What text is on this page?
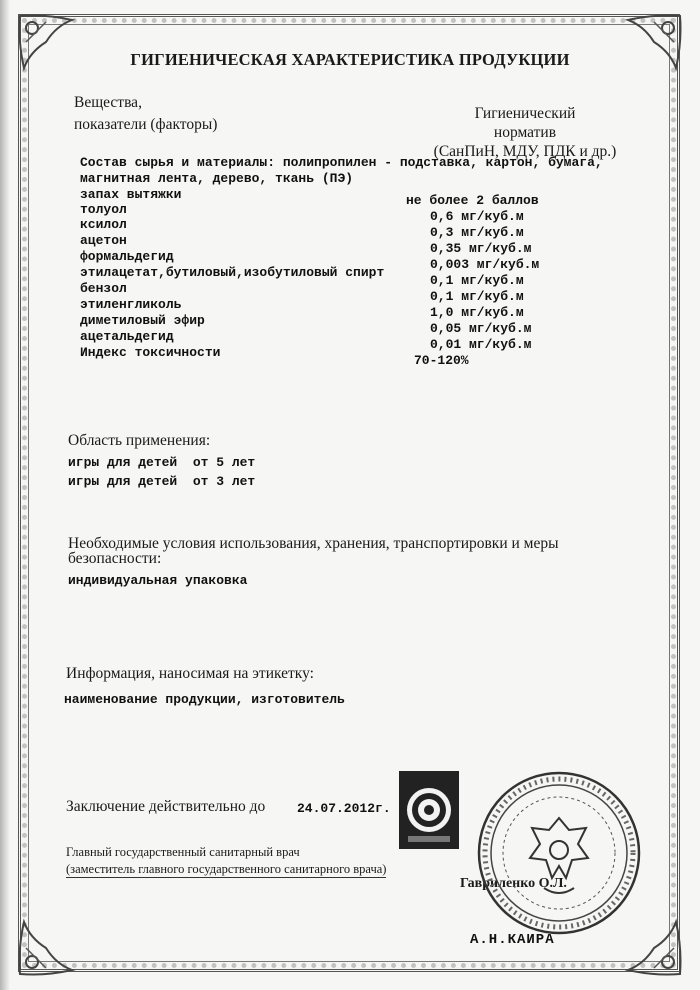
ГИГИЕНИЧЕСКАЯ ХАРАКТЕРИСТИКА ПРОДУКЦИИ
Вещества,
показатели (факторы)
Гигиенический
норматив
(СанПиН, МДУ, ПДК и др.)
Состав сырья и материалы: полипропилен - подставка, картон, бумага,
магнитная лента, дерево, ткань (ПЭ)
запах вытяжки	не более 2 баллов
толуол	0,6 мг/куб.м
ксилол
0,3 мг/куб.м
ацетон
0,35 мг/куб.м
формальдегид
0,003 мг/куб.м
этилацетат,бутиловый,изобутиловый спирт
0,1 мг/куб.м
бензол
0,1 мг/куб.м
этиленгликоль
1,0 мг/куб.м
диметиловый эфир
0,05 мг/куб.м
ацетальдегид
0,01 мг/куб.м
Индекс токсичности
70-120%
Область применения:
игры для детей  от 5 лет
игры для детей  от 3 лет
Необходимые условия использования, хранения, транспортировки и меры
безопасности:
индивидуальная упаковка
Информация, наносимая на этикетку:
наименование продукции, изготовитель
Заключение действительно до 24.07.2012г.
Главный государственный санитарный врач
(заместитель главного государственного санитарного врача)
Гавриленко О.Л.
А.Н.КАИРА
